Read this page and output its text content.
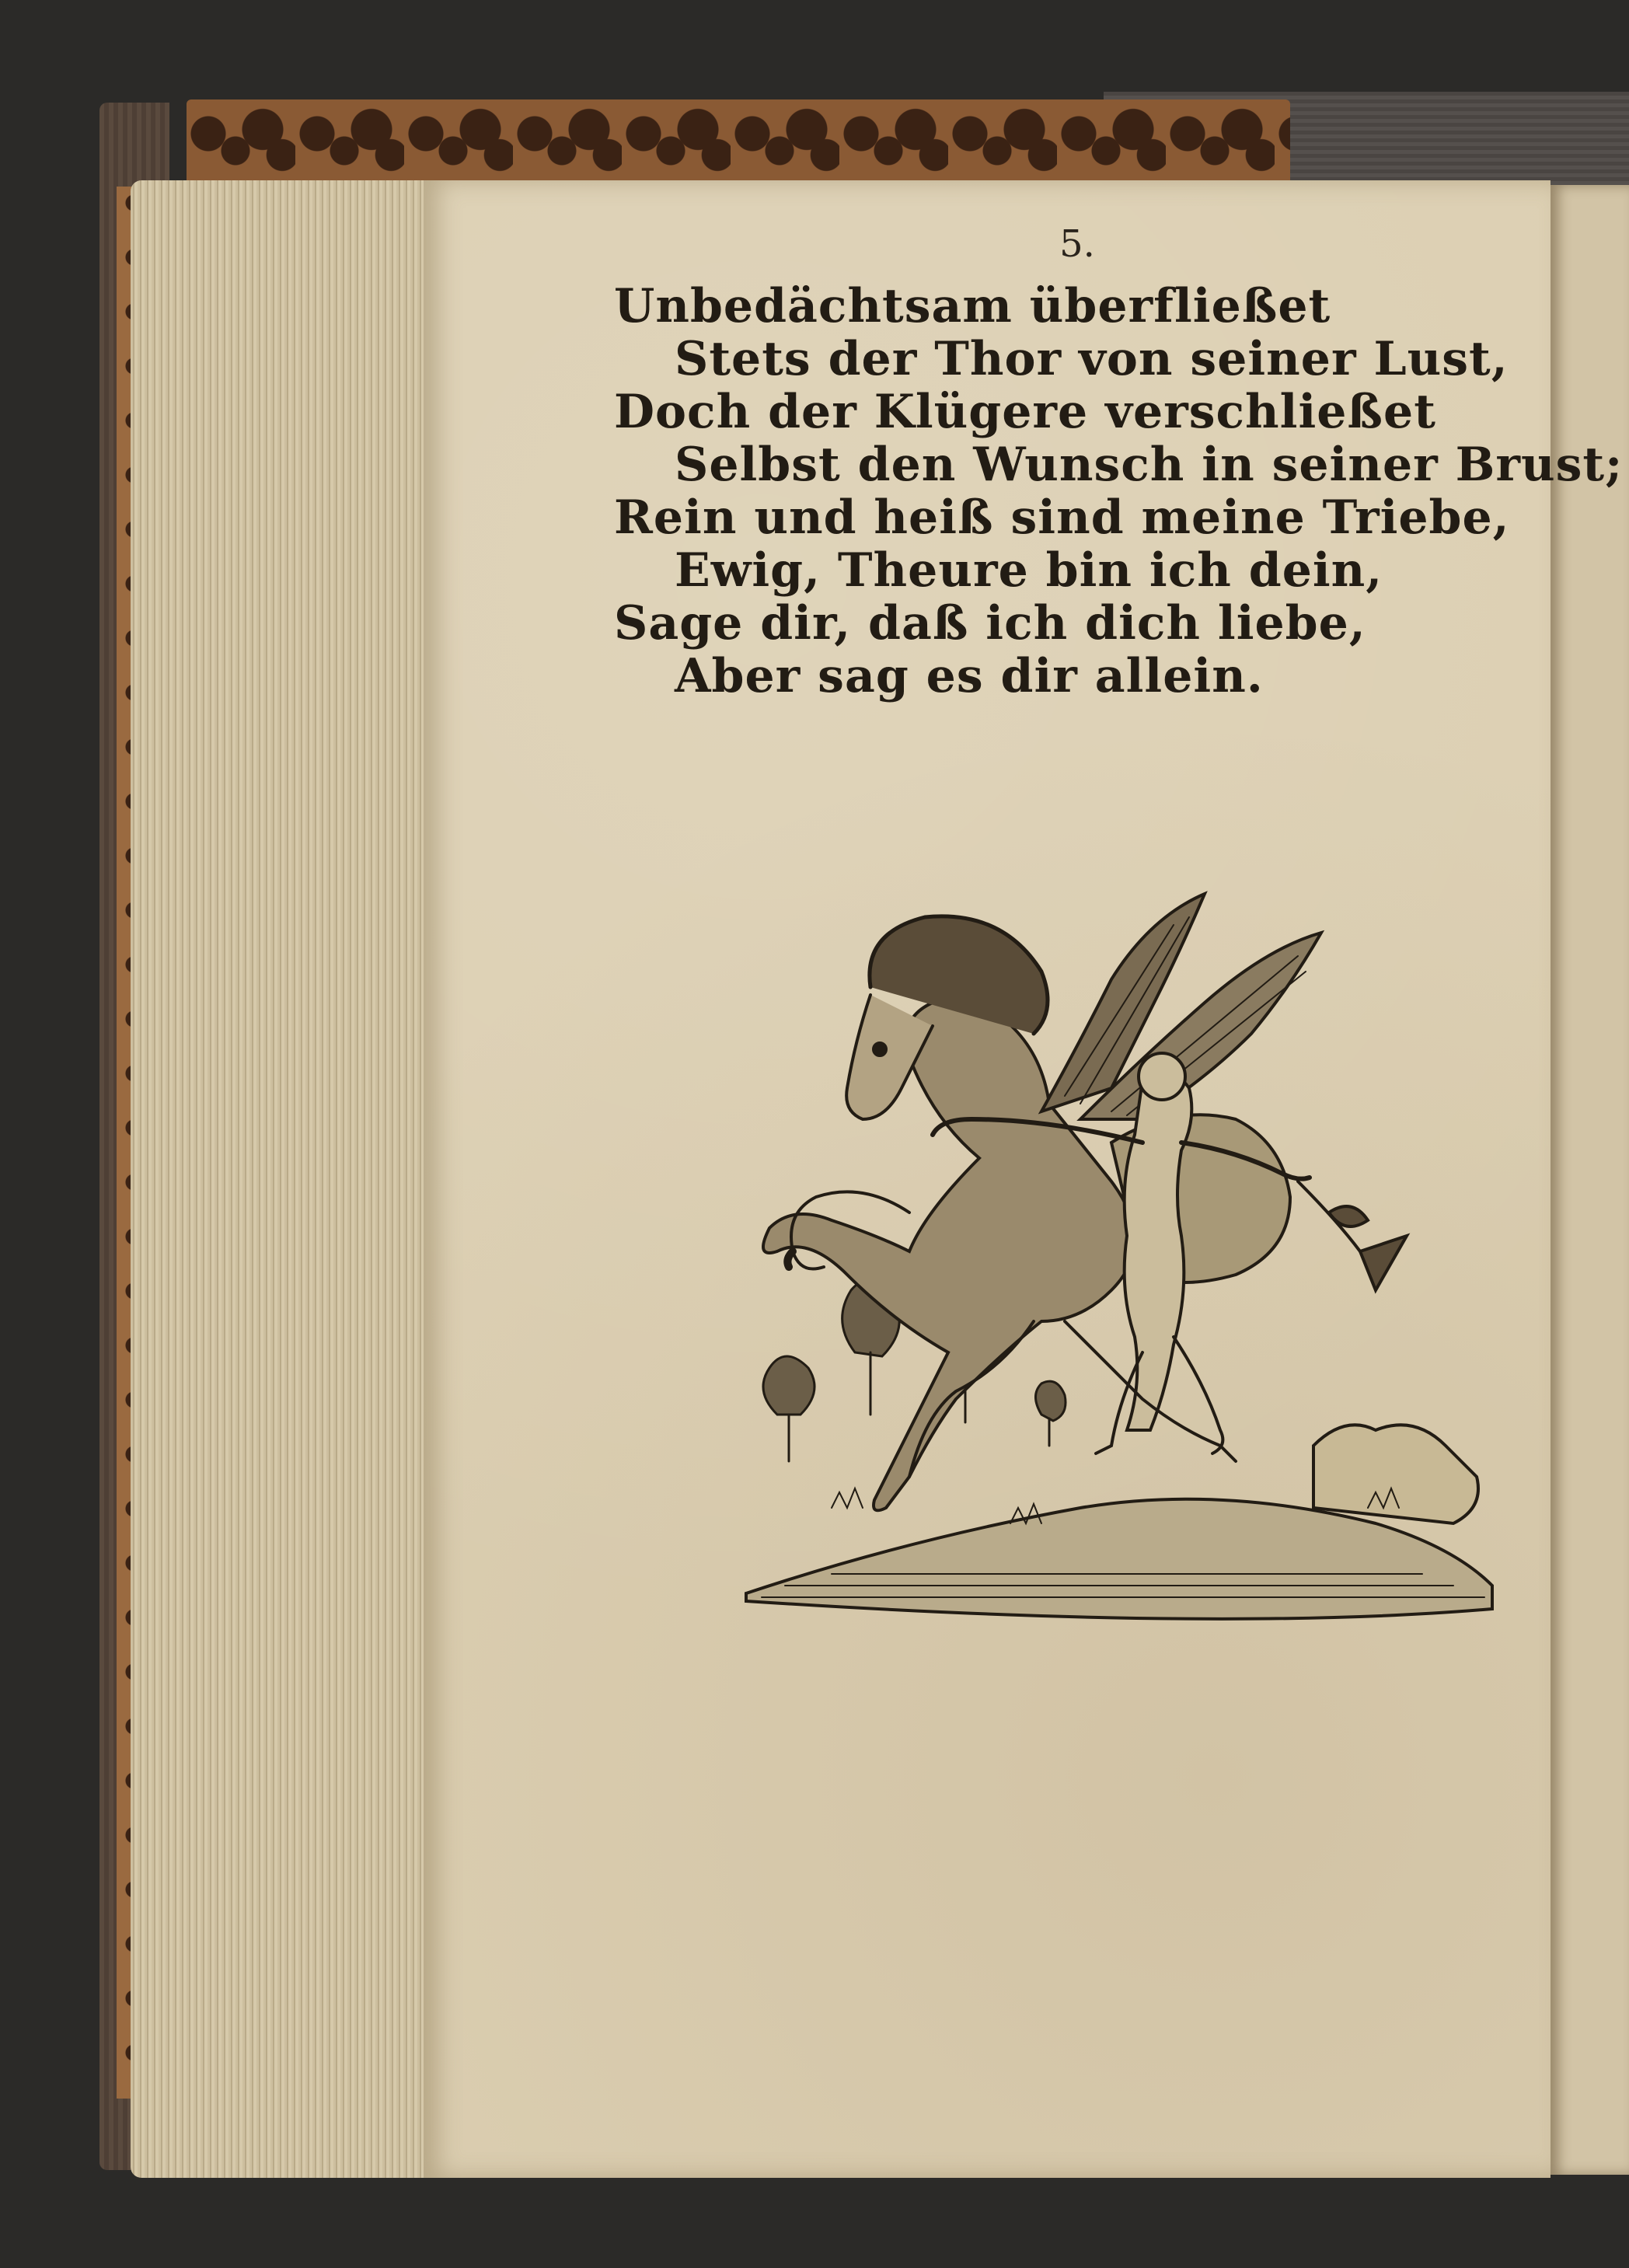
5.
Unbedächtsam überfließet
Stets der Thor von seiner Lust,
Doch der Klügere verschließet
Selbst den Wunsch in seiner Brust;
Rein und heiß sind meine Triebe,
Ewig, Theure bin ich dein,
Sage dir, daß ich dich liebe,
Aber sag es dir allein.
